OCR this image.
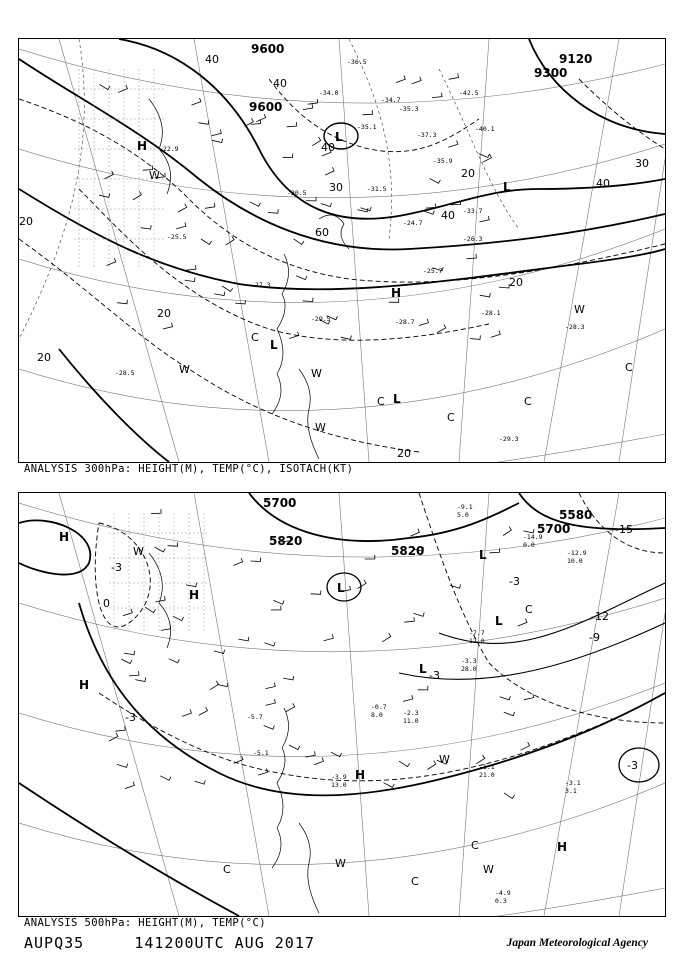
9600
9600
9120
9300
40
40
40
30
20
20
20
20
20
40
60
30
40
20
H
L
L
L
H
L
C
C
C
C
C
W
W	W
W
W
-28.7
-28.1
-28.3
-29.3
-26.3
-25.7
-31.5
-35.1
-34.7
-37.3
-40.1
-33.7
-35.9
-36.5
-34.0
-27.3
-24.7
-25.5
-22.9
-30.5
-28.5
-35.3
-42.5
-29.5
ANALYSIS 300hPa: HEIGHT(M), TEMP(°C), ISOTACH(KT)
5700
5820
5820
5700
5580
-3
-3
-3
-3
-12
-9
-15
0
-3
H
H
H
L
L
L
H
H
L
C
C
C
C
W
W
W	W
-1.1
21.0
-3.1
3.1
-4.9
0.3
-3.9
13.0
-2.3
11.0
-0.7
8.0
-3.3
28.0
-7.7
12.0
-9.1
5.0
-14.9
0.0
-12.9
10.0
-5.7
-5.1
ANALYSIS 500hPa: HEIGHT(M), TEMP(°C)
AUPQ35	141200UTC AUG 2017	Japan Meteorological Agency
